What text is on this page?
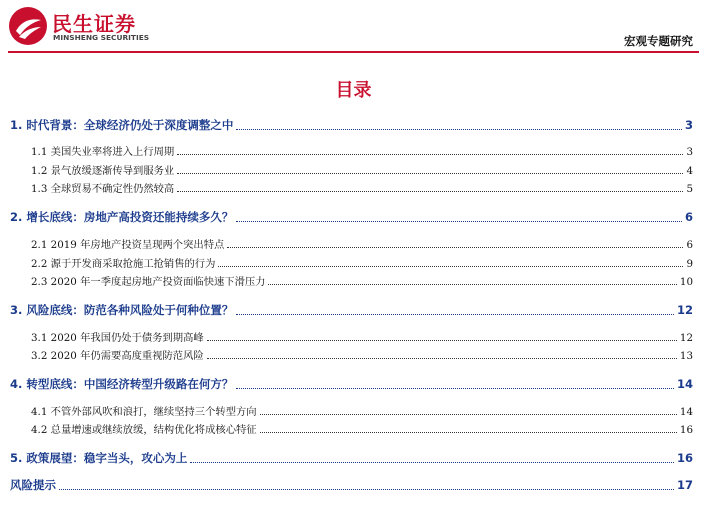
民生证券
MINSHENG SECURITIES	宏观专题研究
目录
1. 时代背景：全球经济仍处于深度调整之中	3
1.1 美国失业率将进入上行周期	3
1.2 景气放缓逐渐传导到服务业	4
1.3 全球贸易不确定性仍然较高	5
2. 增长底线：房地产高投资还能持续多久？	6
2.1 2019 年房地产投资呈现两个突出特点	6
2.2 源于开发商采取抢施工抢销售的行为	9
2.3 2020 年一季度起房地产投资面临快速下滑压力	10
3. 风险底线：防范各种风险处于何种位置？	12
3.1 2020 年我国仍处于债务到期高峰	12
3.2 2020 年仍需要高度重视防范风险	13
4. 转型底线：中国经济转型升级路在何方？	14
4.1 不管外部风吹和浪打，继续坚持三个转型方向	14
4.2 总量增速或继续放缓，结构优化将成核心特征	16
5. 政策展望：稳字当头，攻心为上	16
风险提示	17
